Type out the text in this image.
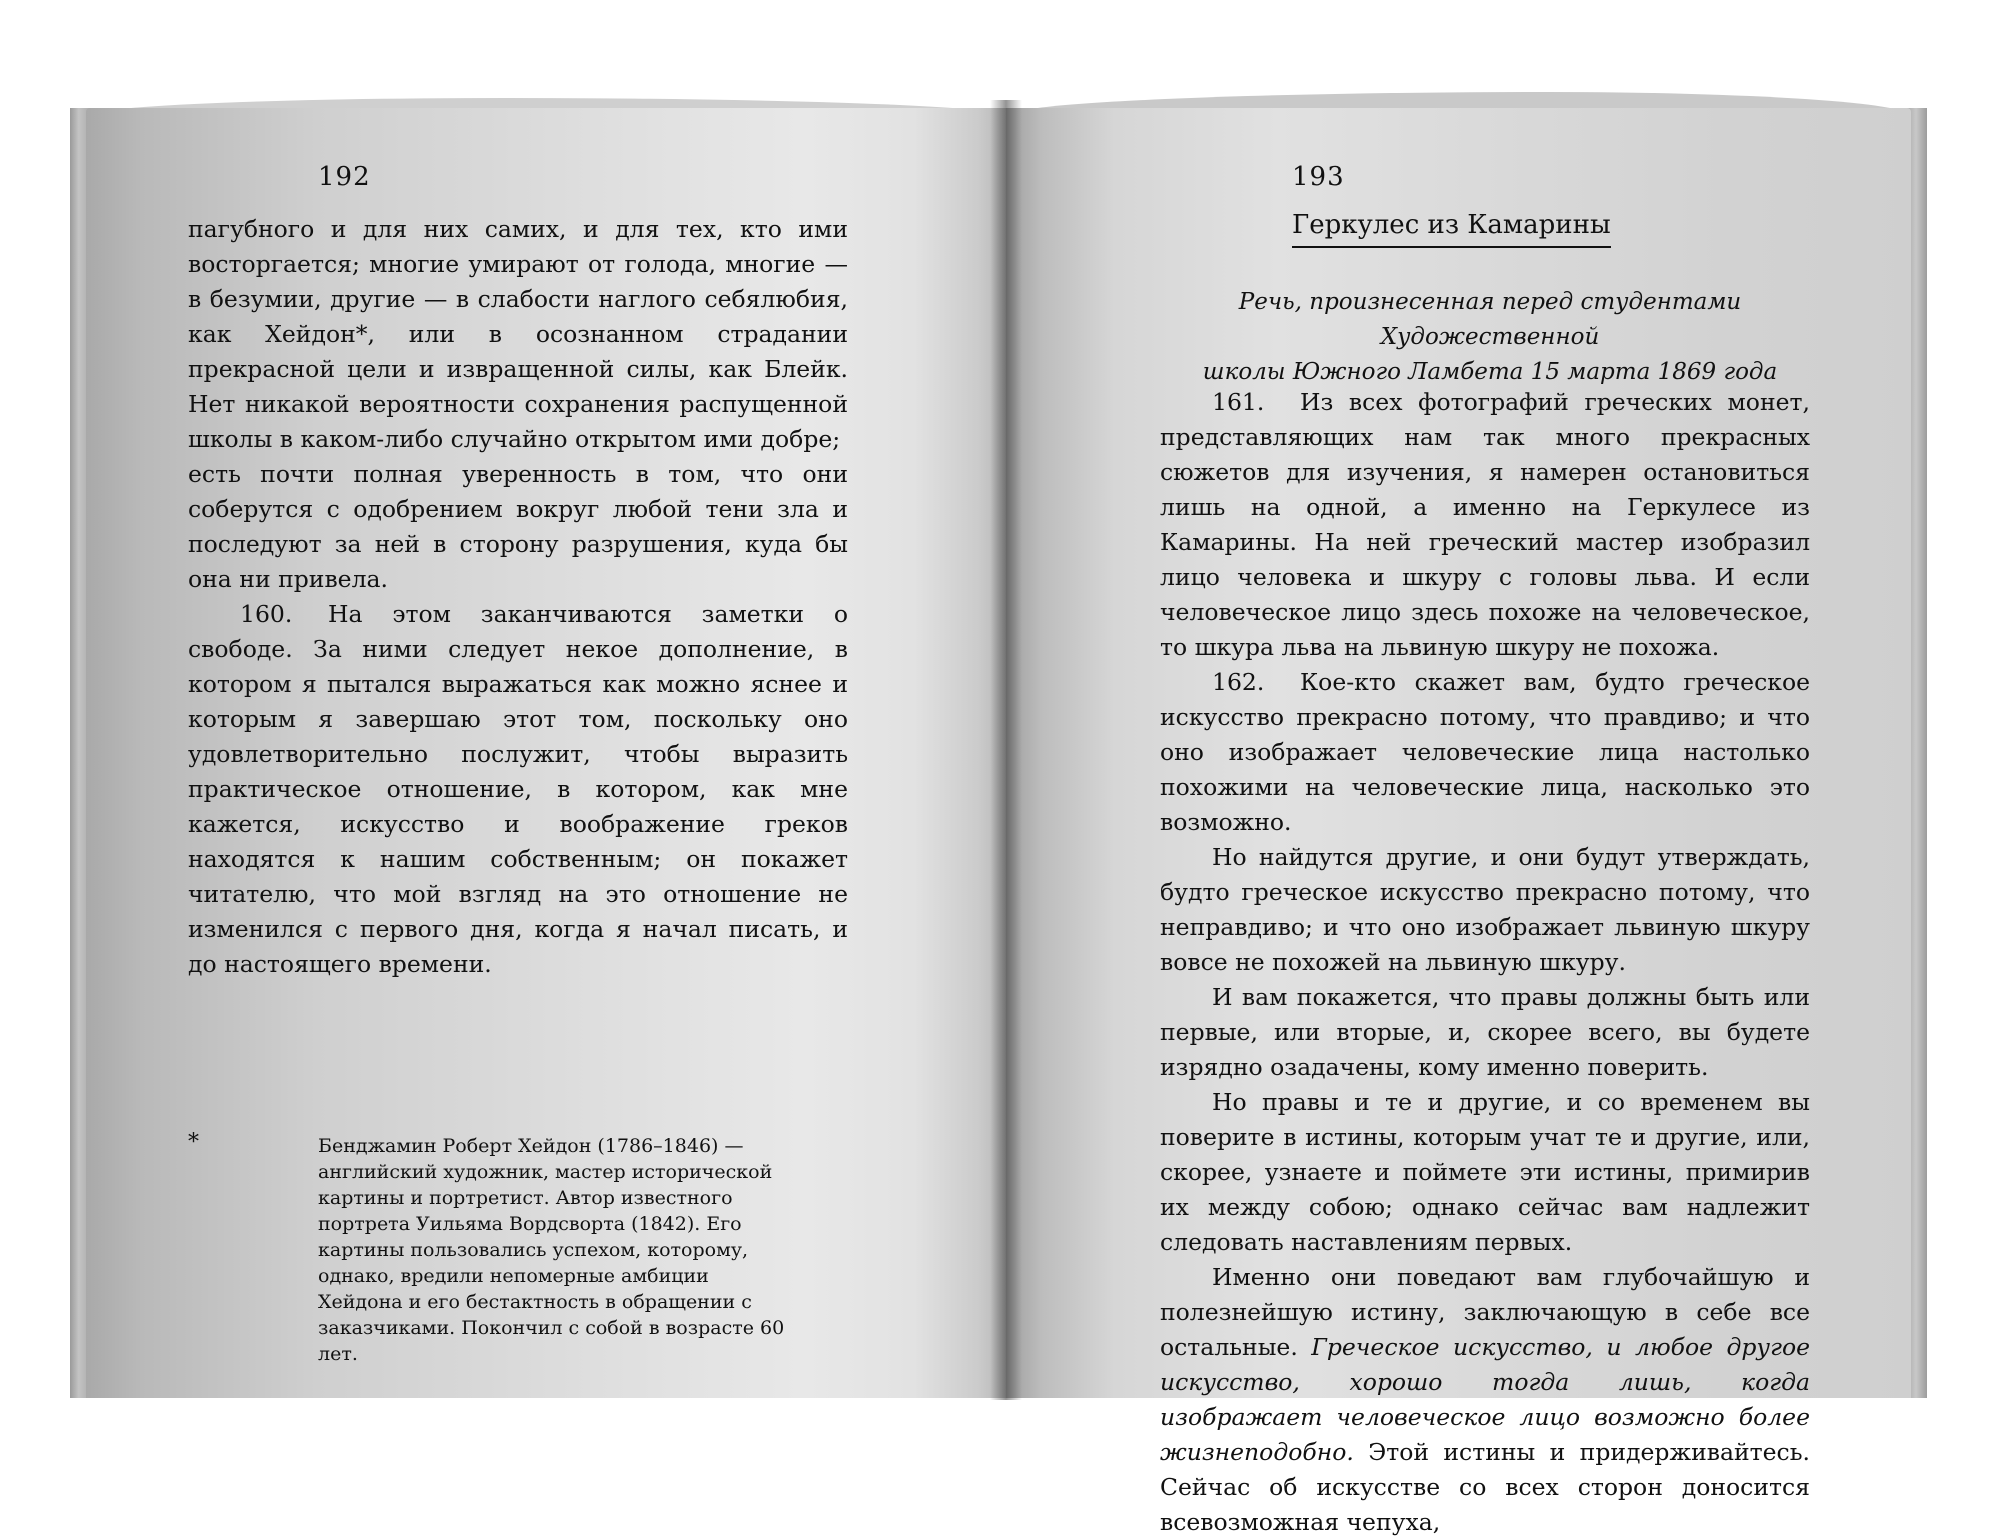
192

пагубного и для них самих, и для тех, кто ими восторгается; многие умирают от голода, многие — в безумии, другие — в слабости наглого себялюбия, как Хейдон*, или в осознанном страдании прекрасной цели и извращенной силы, как Блейк. Нет никакой вероятности сохранения распущенной школы в каком-либо случайно открытом ими добре;

есть почти полная уверенность в том, что они соберутся с одобрением вокруг любой тени зла и последуют за ней в сторону разрушения, куда бы она ни привела.

160. На этом заканчиваются заметки о свободе. За ними следует некое дополнение, в котором я пытался выражаться как можно яснее и которым я завершаю этот том, поскольку оно удовлетворительно послужит, чтобы выразить практическое отношение, в котором, как мне кажется, искусство и воображение греков находятся к нашим собственным; он покажет читателю, что мой взгляд на это отношение не изменился с первого дня, когда я начал писать, и до настоящего времени.

*	Бенджамин Роберт Хейдон (1786–1846) — английский художник, мастер исторической картины и портретист. Автор известного портрета Уильяма Вордсворта (1842). Его картины пользовались успехом, которому, однако, вредили непомерные амбиции Хейдона и его бестактность в обращении с заказчиками. Покончил с собой в возрасте 60 лет.
193
Геркулес из Камарины
Речь, произнесенная перед студентами Художественной
школы Южного Ламбета 15 марта 1869 года

161. Из всех фотографий греческих монет, представляющих нам так много прекрасных сюжетов для изучения, я намерен остановиться лишь на одной, а именно на Геркулесе из Камарины. На ней греческий мастер изобразил лицо человека и шкуру с головы льва. И если человеческое лицо здесь похоже на человеческое, то шкура льва на львиную шкуру не похожа.

162. Кое-кто скажет вам, будто греческое искусство прекрасно потому, что правдиво; и что оно изображает человеческие лица настолько похожими на человеческие лица, насколько это возможно.

Но найдутся другие, и они будут утверждать, будто греческое искусство прекрасно потому, что неправдиво; и что оно изображает львиную шкуру вовсе не похожей на львиную шкуру.

И вам покажется, что правы должны быть или первые, или вторые, и, скорее всего, вы будете изрядно озадачены, кому именно поверить.

Но правы и те и другие, и со временем вы поверите в истины, которым учат те и другие, или, скорее, узнаете и поймете эти истины, примирив их между собою; однако сейчас вам надлежит следовать наставлениям первых.

Именно они поведают вам глубочайшую и полезнейшую истину, заключающую в себе все остальные. Греческое искусство, и любое другое искусство, хорошо тогда лишь, когда изображает человеческое лицо возможно более жизнеподобно. Этой истины и придерживайтесь. Сейчас об искусстве со всех сторон доносится всевозможная чепуха,
